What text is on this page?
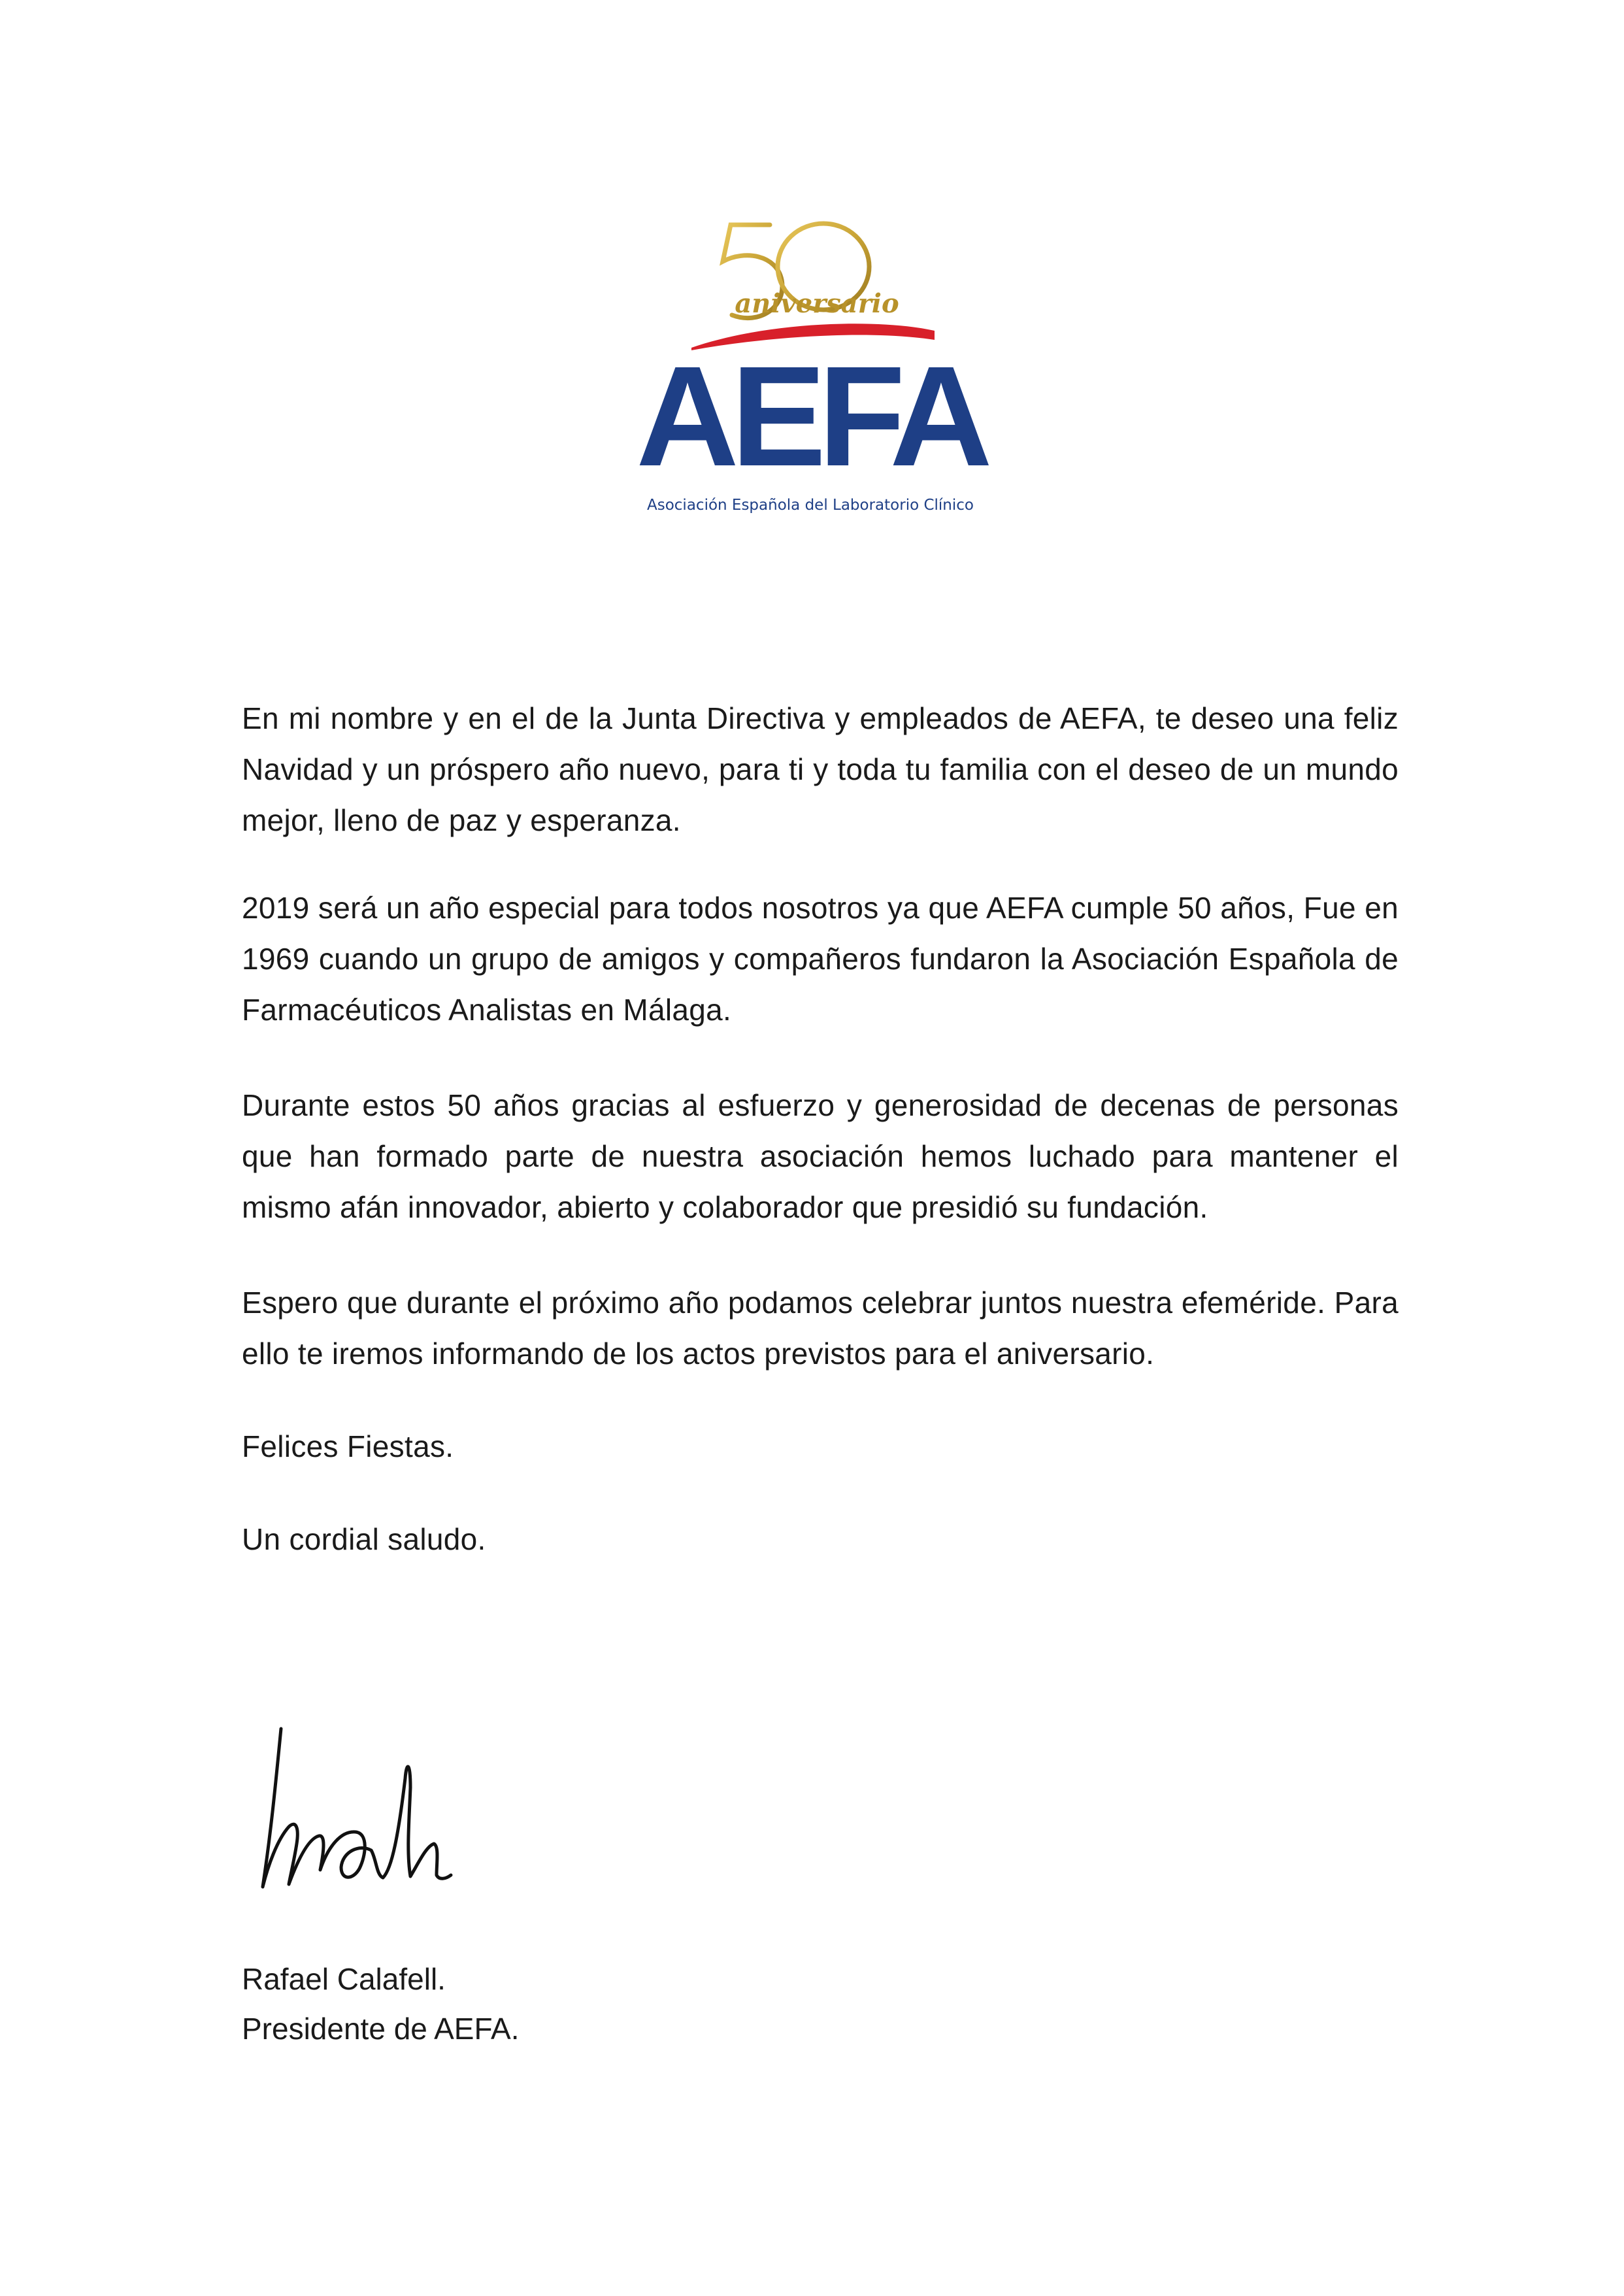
aniversario
AEFA
Asociación Española del Laboratorio Clínico

En mi nombre y en el de la Junta Directiva y empleados de AEFA, te deseo una feliz Navidad y un próspero año nuevo, para ti y toda tu familia con el deseo de un mundo mejor, lleno de paz y esperanza.

2019 será un año especial para todos nosotros ya que AEFA cumple 50 años, Fue en 1969 cuando un grupo de amigos y compañeros fundaron la Asociación Española de Farmacéuticos Analistas en Málaga.

Durante estos 50 años gracias al esfuerzo y generosidad de decenas de personas que han formado parte de nuestra asociación hemos luchado para mantener el mismo afán innovador, abierto y colaborador que presidió su fundación.

Espero que durante el próximo año podamos celebrar juntos nuestra efeméride. Para ello te iremos informando de los actos previstos para el aniversario.

Felices Fiestas.

Un cordial saludo.

Rafael Calafell.
Presidente de AEFA.
